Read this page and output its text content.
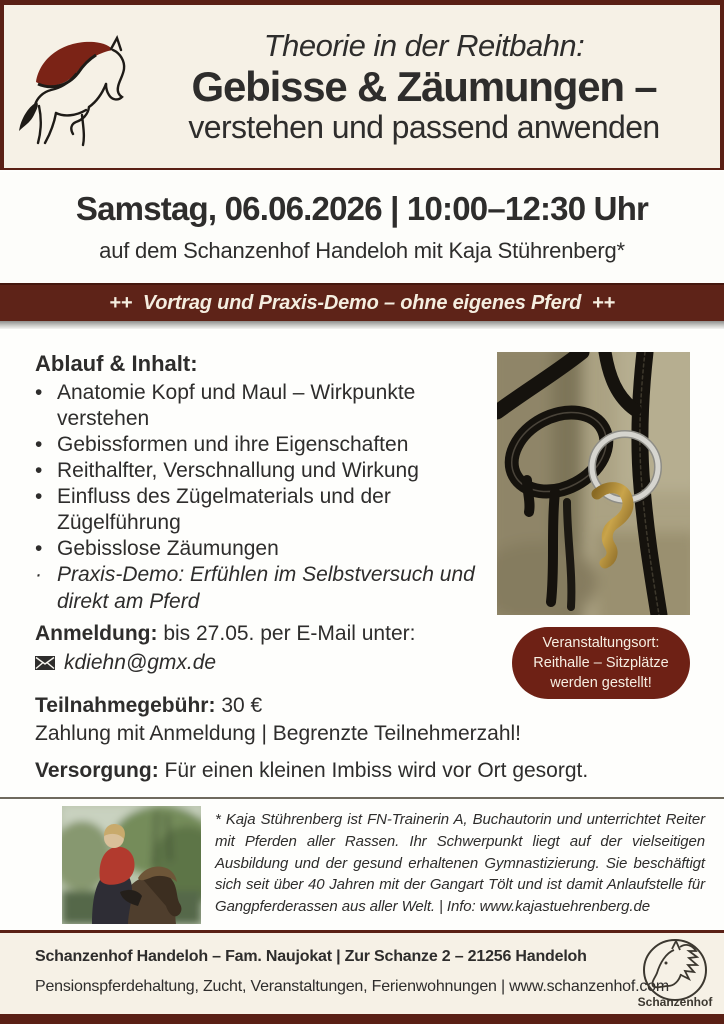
Theorie in der Reitbahn:
Gebisse & Zäumungen –
verstehen und passend anwenden
Samstag, 06.06.2026 | 10:00–12:30 Uhr
auf dem Schanzenhof Handeloh mit Kaja Stührenberg*
++  Vortrag und Praxis-Demo – ohne eigenes Pferd  ++
Ablauf & Inhalt:
• Anatomie Kopf und Maul – Wirkpunkte verstehen
• Gebissformen und ihre Eigenschaften
• Reithalfter, Verschnallung und Wirkung
• Einfluss des Zügelmaterials und der Zügelführung
• Gebisslose Zäumungen
· Praxis-Demo: Erfühlen im Selbstversuch und direkt am Pferd
Anmeldung: bis 27.05. per E-Mail unter:
kdiehn@gmx.de
Teilnahmegebühr: 30 €
Zahlung mit Anmeldung | Begrenzte Teilnehmerzahl!
Versorgung: Für einen kleinen Imbiss wird vor Ort gesorgt.
Veranstaltungsort:
Reithalle – Sitzplätze
werden gestellt!
* Kaja Stührenberg ist FN-Trainerin A, Buchautorin und unterrichtet Reiter mit Pferden aller Rassen. Ihr Schwerpunkt liegt auf der vielseitigen Ausbildung und der gesund erhaltenen Gymnastizierung. Sie beschäftigt sich seit über 40 Jahren mit der Gangart Tölt und ist damit Anlaufstelle für Gangpferderassen aus aller Welt. | Info: www.kajastuehrenberg.de
Schanzenhof Handeloh – Fam. Naujokat | Zur Schanze 2 – 21256 Handeloh
Pensionspferdehaltung, Zucht, Veranstaltungen, Ferienwohnungen | www.schanzenhof.com
Schanzenhof
